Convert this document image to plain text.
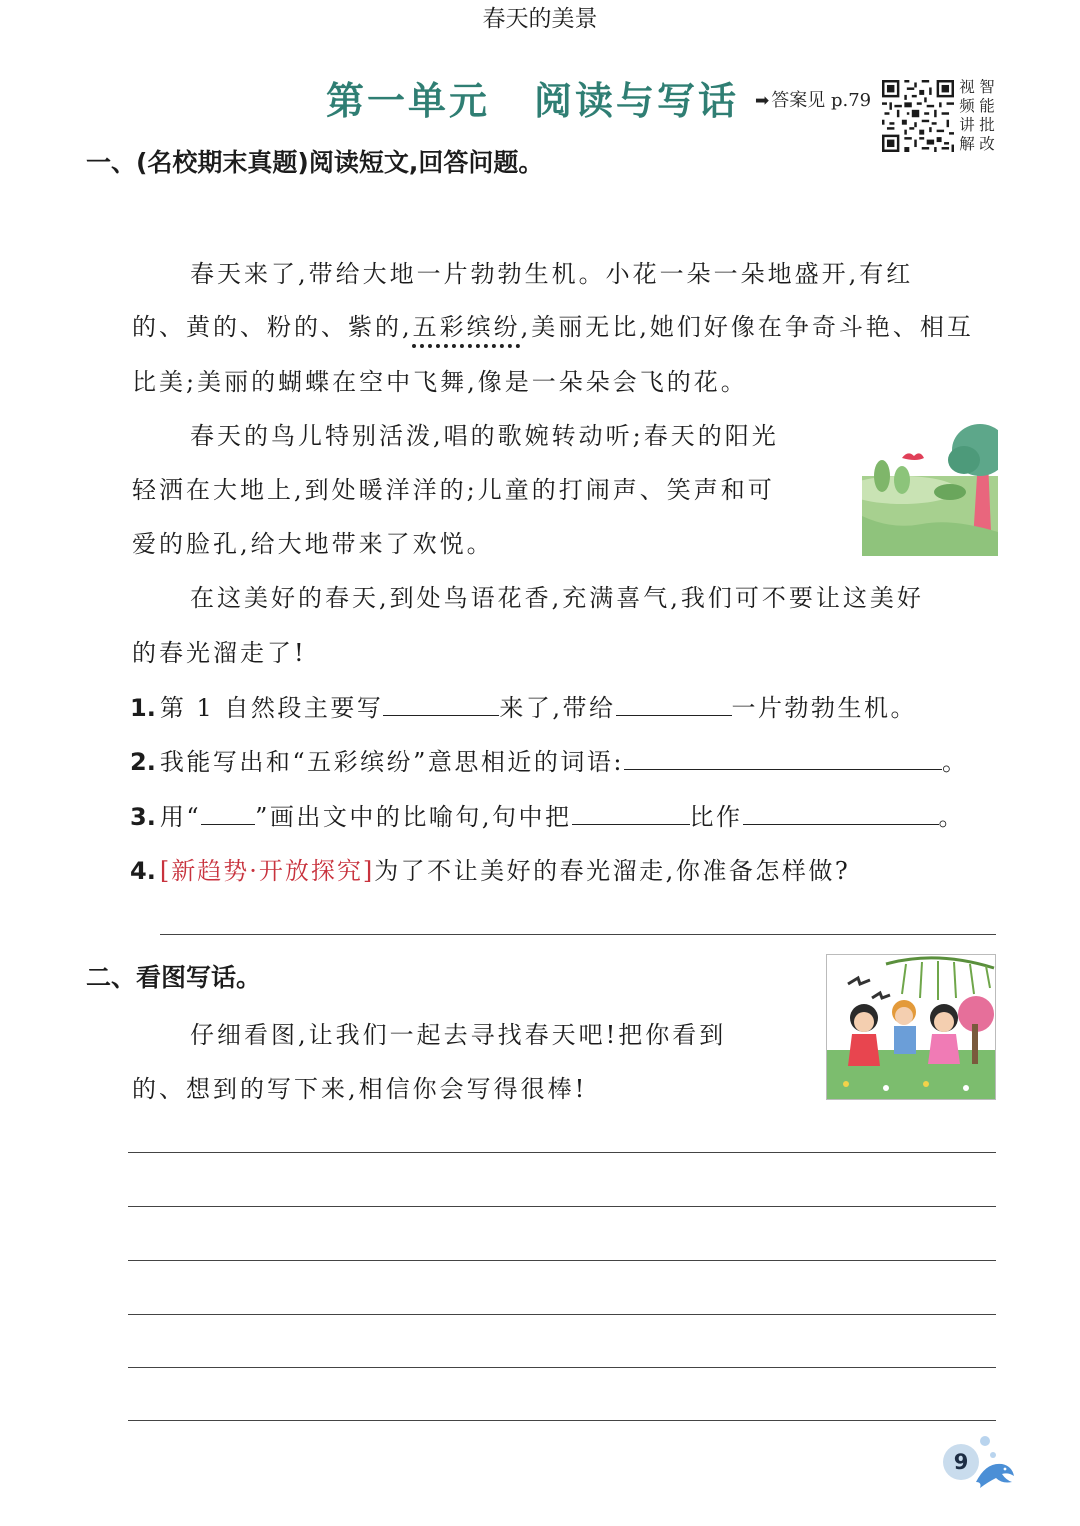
第一单元 阅读与写话 ➡ 答案见 p.79
视 智
频 能
讲 批
解 改
一、(名校期末真题)阅读短文,回答问题。
春天的美景
春天来了,带给大地一片勃勃生机。小花一朵一朵地盛开,有红
的、黄的、粉的、紫的,五彩缤纷,美丽无比,她们好像在争奇斗艳、相互
比美;美丽的蝴蝶在空中飞舞,像是一朵朵会飞的花。
春天的鸟儿特别活泼,唱的歌婉转动听;春天的阳光
轻洒在大地上,到处暖洋洋的;儿童的打闹声、笑声和可
爱的脸孔,给大地带来了欢悦。
在这美好的春天,到处鸟语花香,充满喜气,我们可不要让这美好
的春光溜走了!
1. 第 1 自然段主要写	来了,带给	一片勃勃生机。
2. 我能写出和“五彩缤纷”意思相近的词语:	。
3. 用“ ”画出文中的比喻句,句中把	比作	。
4. [新趋势·开放探究]为了不让美好的春光溜走,你准备怎样做?
二、看图写话。
仔细看图,让我们一起去寻找春天吧!把你看到
的、想到的写下来,相信你会写得很棒!
9
